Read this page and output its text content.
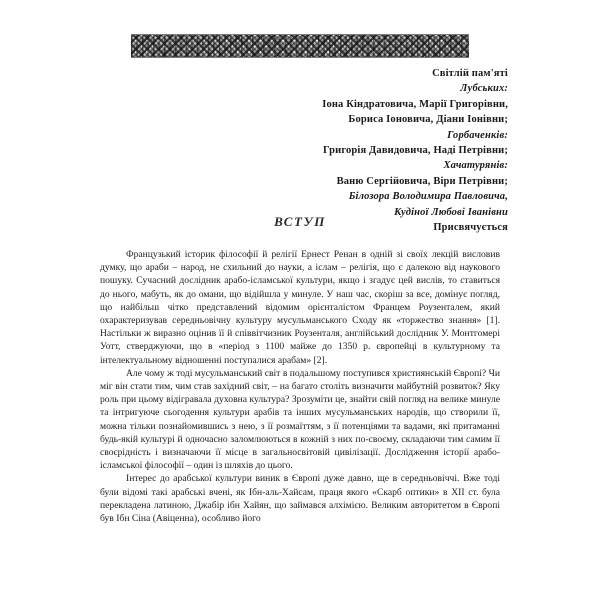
Світлій пам'яті
Лубських:
Іона Кіндратовича, Марії Григорівни,
Бориса Іоновича, Діани Іонівни;
Горбаченків:
Григорія Давидовича, Наді Петрівни;
Хачатурянів:
Ваню Сергійовича, Віри Петрівни;
Білозора Володимира Павловича,
Кудіної Любові Іванівни
Присвячується
ВСТУП

Французький історик філософії й релігії Ернест Ренан в одній зі своїх лекцій висловив думку, що араби – народ, не схильний до науки, а іслам – релігія, що є далекою від наукового пошуку. Сучасний дослідник арабо-ісламської культури, якщо і згадує цей вислів, то ставиться до нього, мабуть, як до омани, що відійшла у минуле. У наш час, скоріш за все, домінує погляд, що найбільш чітко представлений відомим орієнталістом Францем Роузенталем, який охарактеризував середньовічну культуру мусульманського Сходу як «торжество знання» [1]. Настільки ж виразно оцінив її й співвітчизник Роузенталя, англійський дослідник У. Монтгомері Уотт, стверджуючи, що в «період з 1100 майже до 1350 р. європейці в культурному та інтелектуальному відношенні поступалися арабам» [2].

Але чому ж тоді мусульманський світ в подальшому поступився християнській Європі? Чи міг він стати тим, чим став західний світ, – на багато століть визначити майбутній розвиток? Яку роль при цьому відігравала духовна культура? Зрозуміти це, знайти свій погляд на велике минуле та інтригуюче сьогодення культури арабів та інших мусульманських народів, що створили її, можна тільки познайомившись з нею, з її розмаїттям, з її потенціями та вадами, які притаманні будь-якій культурі й одночасно заломлюються в кожній з них по-своєму, складаючи тим самим її своєрідність і визначаючи її місце в загальносвітовій цивілізації. Дослідження історії арабо-ісламської філософії – один із шляхів до цього.

Інтерес до арабської культури виник в Європі дуже давно, ще в середньовіччі. Вже тоді були відомі такі арабські вчені, як Ібн-аль-Хайсам, праця якого «Скарб оптики» в ХІІ ст. була перекладена латиною, Джабір ібн Хайян, що займався алхімією. Великим авторитетом в Європі був Ібн Сіна (Авіценна), особливо його
